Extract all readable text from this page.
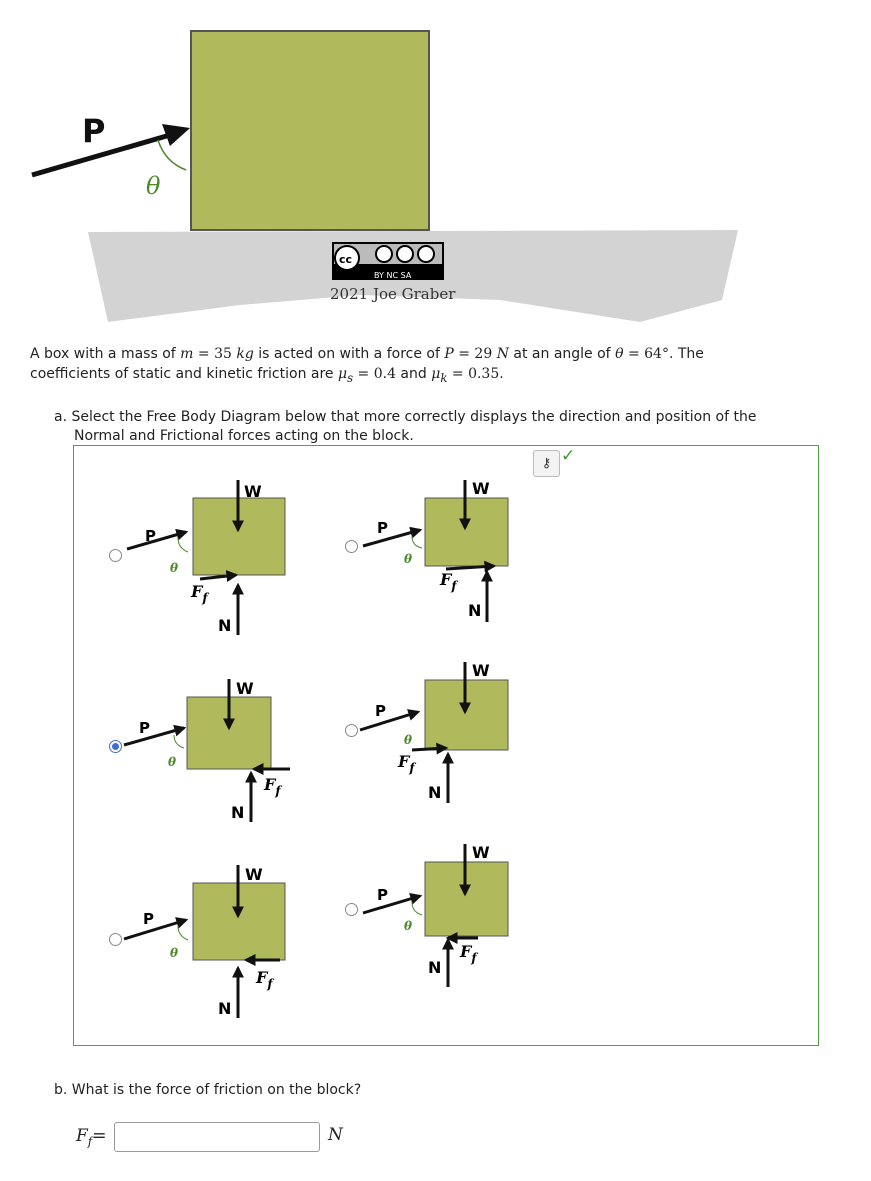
P
θ
cc
BY NC SA
2021 Joe Graber
A box with a mass of m = 35 kg is acted on with a force of P = 29 N at an angle of θ = 64°. The
coefficients of static and kinetic friction are $\mu_s = 0.4$ and $\mu_k = 0.35$.
a. Select the Free Body Diagram below that more correctly displays the direction and position of the
Normal and Frictional forces acting on the block.
⚷ ✓
W
P
θ
$F_f$
N
W
P
θ
$F_f$
N
W
P
θ
$F_f$
N
W
P
θ
$F_f$
N
W
P
θ
$F_f$
N
W
P
θ
$F_f$
N
b. What is the force of friction on the block?
$F_f=$	N
